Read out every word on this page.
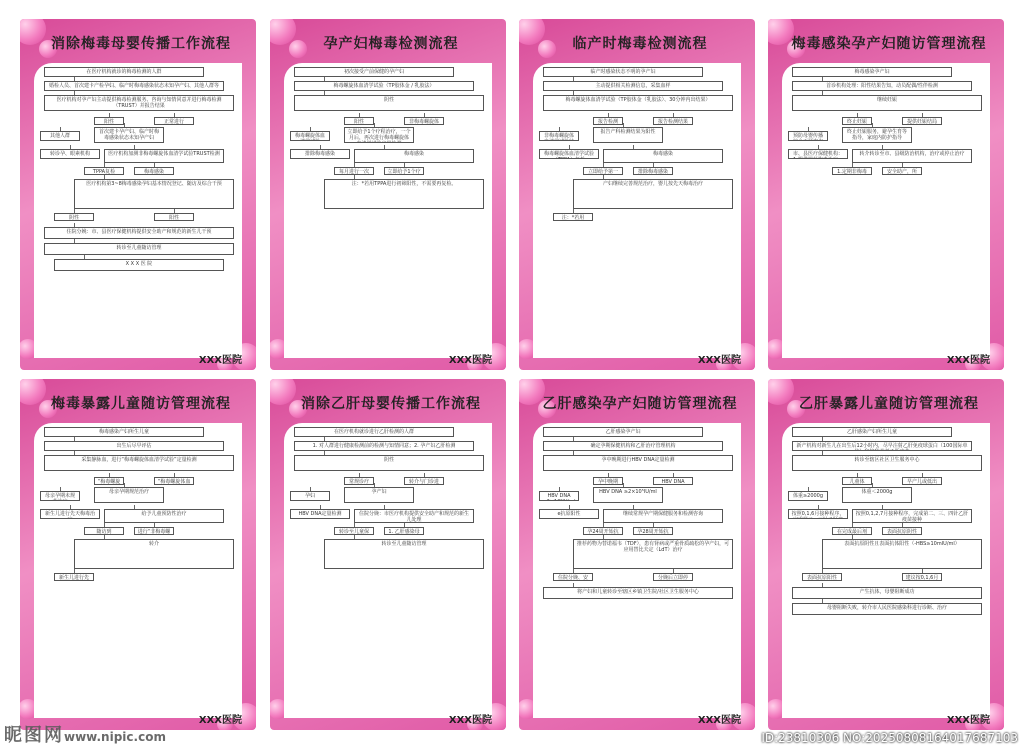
消除梅毒母婴传播工作流程
在医疗机构就诊的梅毒检测的人群
婚检人员、首次建卡产检孕妇、临产时梅毒感染状态未知孕产妇、其他人群等
医疗机构对孕产妇主动提供梅毒检测服务、咨询与知情同意并进行梅毒检测（TRUST）并报告结果
阳性	正常进行
其他人群
首次建卡孕产妇、临产时梅毒感染状态未知孕产妇
转诊孕、眼素机构	医疗机构加测非梅毒螺旋体血清学试验TRUST检测
TPPA复检	梅毒感染
医疗机构第3~8梅毒感染孕妇基本情况登记、随访及综合干预
阴性	阳性
住院分娩：市、县医疗保健机构提供安全助产和规范的新生儿干预
转诊至儿童随访管理
X X X 医 院
XXX医院
孕产妇梅毒检测流程
初次接受产前保健的孕产妇
梅毒螺旋体血清学试验（TP胶体金 / 乳胶法）
阴性
阳性	非梅毒螺旋体
梅毒螺旋体血
立即给予1个疗程治疗，一个月后，再次进行梅毒螺旋体
排除梅毒感染	梅毒感染
每月进行一次	立即给予1个疗
注：*若用TPPA进行初筛阳性，不需要再复检。
XXX医院
临产时梅毒检测流程
临产时感染状态不明的孕产妇
主动提供相关检测信息，采集血样
梅毒螺旋体血清学试验（TP胶体金（乳胶法）、30分钟内出结果）
报告检测	报告检测结果
非梅毒螺旋体
报告产科检测结果为阳性
梅毒螺旋体血清学试验	梅毒感染
立即给予第一	排除梅毒感染
产妇继续完善规范治疗，婴儿按先天梅毒治疗
注：*若用
XXX医院
梅毒感染孕产妇随访管理流程
梅毒感染孕产妇
首诊机构处理：阳性结果告知，动员配偶/性伴检测
继续妊娠
终止妊娠	提供妊娠结局
预防母婴传播
终止妊娠服务，避孕生育等指导，家庭内防护指导
市、县医疗保健机构：	转介转诊至市、县级防治机构，治疗或停止治疗
1.定期非梅毒	安全助产，所
XXX医院
梅毒暴露儿童随访管理流程
梅毒感染产妇所生儿童
出生后尽早评估
采集静脉血，进行“梅毒螺旋体血清学试验”定量检测
“梅毒螺旋	“梅毒螺旋体血
母亲孕期未规
母亲孕期规范治疗
新生儿进行先天梅毒治	给予儿童预防性治疗
随访到	进行“非梅毒螺
转介
新生儿进行先
XXX医院
消除乙肝母婴传播工作流程
在医疗机构就诊进行乙肝检测的人群
1. 对人群进行健康检测前的检测与知情同意；2. 孕产妇乙肝检测
阴性
常规诊疗	转介与门诊进
孕妇
孕产妇
HBV DNA定量检测	住院分娩：市医疗机构提供安全助产和规范的新生儿处理
转诊至儿童保	1. 乙肝感染母
转诊至儿童随访管理
XXX医院
乙肝感染孕产妇随访管理流程
乙肝感染孕产妇
确定孕期保健机构和乙肝治疗管理机构
孕中晚期进行HBV DNA定量检测
孕中晚期	HBV DNA
HBV DNA
HBV DNA ≥2×10⁵IU/ml
e抗原阳性	继续常规孕产期保健服务和检测咨询
孕24周开始抗	孕28周开始抗
推荐药物为替诺福韦（TDF），患有肾病或严重骨质疏松的孕产妇，可应用替比夫定（LdT）治疗
住院分娩、安	分娩后立即停
将产妇和儿童转诊至辖区乡镇卫生院/社区卫生服务中心
XXX医院
乙肝暴露儿童随访管理流程
乙肝感染产妇所生儿童
新产机构对新生儿在出生后12小时内，尽早注射乙肝免疫球蛋白（100国际单
转诊至辖区社区卫生服务中心
儿童体	早产儿或低出
体重≥2000g
体重＜2000g
按照0,1,6月接种程序，	按照0,1,2,7月接种程序，完成第二、三、四针乙肝疫苗接种
在完成最后剂	表面抗原阴性
表面抗原阴性且表面抗体阳性（-HBS≥10mIU/ml）
表面抗原阳性	建议按0,1,6月
产生抗体，母婴阻断成功
母婴阻断失败，转介市人民医院感染科进行诊断、治疗
XXX医院
昵图网www.nipic.com	ID:23810306 NO:20250808164017687103
